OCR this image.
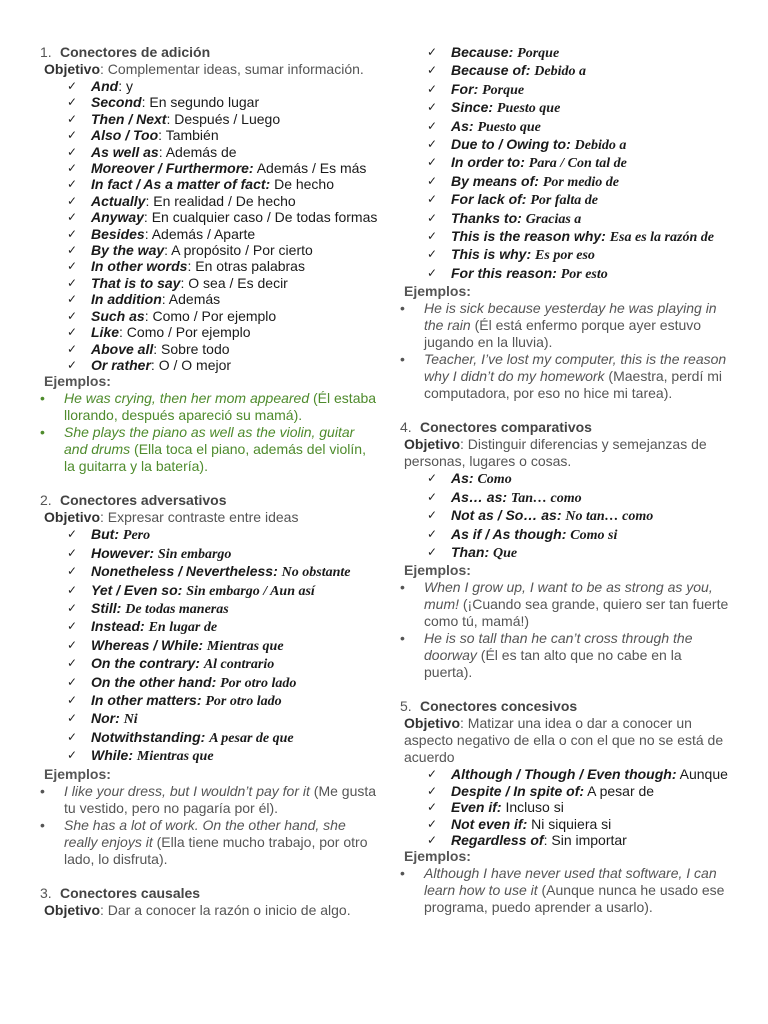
1. Conectores de adición
Objetivo: Complementar ideas, sumar información.
✓ And: y
✓ Second: En segundo lugar
✓ Then / Next: Después / Luego
✓ Also / Too: También
✓ As well as: Además de
✓ Moreover / Furthermore: Además / Es más
✓ In fact / As a matter of fact: De hecho
✓ Actually: En realidad / De hecho
✓ Anyway: En cualquier caso / De todas formas
✓ Besides: Además / Aparte
✓ By the way: A propósito / Por cierto
✓ In other words: En otras palabras
✓ That is to say: O sea / Es decir
✓ In addition: Además
✓ Such as: Como / Por ejemplo
✓ Like: Como / Por ejemplo
✓ Above all: Sobre todo
✓ Or rather: O / O mejor
Ejemplos:
• He was crying, then her mom appeared (Él estaba llorando, después apareció su mamá).
• She plays the piano as well as the violin, guitar and drums (Ella toca el piano, además del violín, la guitarra y la batería).
2. Conectores adversativos
Objetivo: Expresar contraste entre ideas
✓ But: Pero
✓ However: Sin embargo
✓ Nonetheless / Nevertheless: No obstante
✓ Yet / Even so: Sin embargo / Aun así
✓ Still: De todas maneras
✓ Instead: En lugar de
✓ Whereas / While: Mientras que
✓ On the contrary: Al contrario
✓ On the other hand: Por otro lado
✓ In other matters: Por otro lado
✓ Nor: Ni
✓ Notwithstanding: A pesar de que
✓ While: Mientras que
Ejemplos:
• I like your dress, but I wouldn’t pay for it (Me gusta tu vestido, pero no pagaría por él).
• She has a lot of work. On the other hand, she really enjoys it (Ella tiene mucho trabajo, por otro lado, lo disfruta).
3. Conectores causales
Objetivo: Dar a conocer la razón o inicio de algo.
✓ Because: Porque
✓ Because of: Debido a
✓ For: Porque
✓ Since: Puesto que
✓ As: Puesto que
✓ Due to / Owing to: Debido a
✓ In order to: Para / Con tal de
✓ By means of: Por medio de
✓ For lack of: Por falta de
✓ Thanks to: Gracias a
✓ This is the reason why: Esa es la razón de
✓ This is why: Es por eso
✓ For this reason: Por esto
Ejemplos:
• He is sick because yesterday he was playing in the rain (Él está enfermo porque ayer estuvo jugando en la lluvia).
• Teacher, I’ve lost my computer, this is the reason why I didn’t do my homework (Maestra, perdí mi computadora, por eso no hice mi tarea).
4. Conectores comparativos
Objetivo: Distinguir diferencias y semejanzas de personas, lugares o cosas.
✓ As: Como
✓ As… as: Tan… como
✓ Not as / So… as: No tan… como
✓ As if / As though: Como si
✓ Than: Que
Ejemplos:
• When I grow up, I want to be as strong as you, mum! (¡Cuando sea grande, quiero ser tan fuerte como tú, mamá!)
• He is so tall than he can’t cross through the doorway (Él es tan alto que no cabe en la puerta).
5. Conectores concesivos
Objetivo: Matizar una idea o dar a conocer un aspecto negativo de ella o con el que no se está de acuerdo
✓ Although / Though / Even though: Aunque
✓ Despite / In spite of: A pesar de
✓ Even if: Incluso si
✓ Not even if: Ni siquiera si
✓ Regardless of: Sin importar
Ejemplos:
• Although I have never used that software, I can learn how to use it (Aunque nunca he usado ese programa, puedo aprender a usarlo).
